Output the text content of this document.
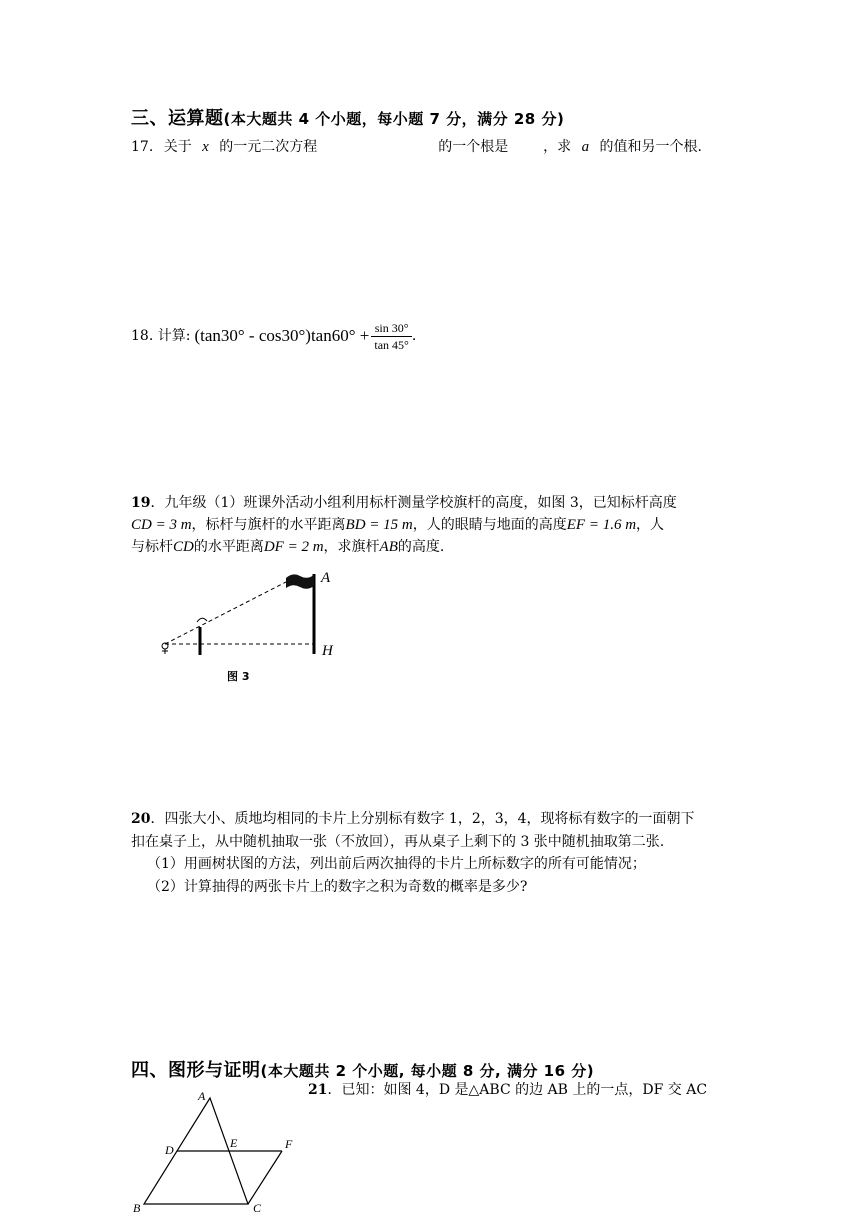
三、运算题(本大题共 4 个小题，每小题 7 分，满分 28 分)
17. 关于 x 的一元二次方程	的一个根是 ，求 a 的值和另一个根.
18. 计算: $(\tan 30^\circ - \cos 30^\circ)\tan 60^\circ + \frac{\sin 30^\circ}{\tan 45^\circ}$ .
19．九年级（1）班课外活动小组利用标杆测量学校旗杆的高度，如图 3，已知标杆高度
CD = 3 m，标杆与旗杆的水平距离BD = 15 m，人的眼睛与地面的高度EF = 1.6 m，人
与标杆CD的水平距离DF = 2 m，求旗杆AB的高度.
A
H
图 3
20．四张大小、质地均相同的卡片上分别标有数字 1，2，3，4，现将标有数字的一面朝下
扣在桌子上，从中随机抽取一张（不放回），再从桌子上剩下的 3 张中随机抽取第二张.
（1）用画树状图的方法，列出前后两次抽得的卡片上所标数字的所有可能情况；
（2）计算抽得的两张卡片上的数字之积为奇数的概率是多少?
四、图形与证明(本大题共 2 个小题, 每小题 8 分, 满分 16 分)
21．已知：如图 4，D 是△ABC 的边 AB 上的一点，DF 交 AC
A
D	E	F
B	C
